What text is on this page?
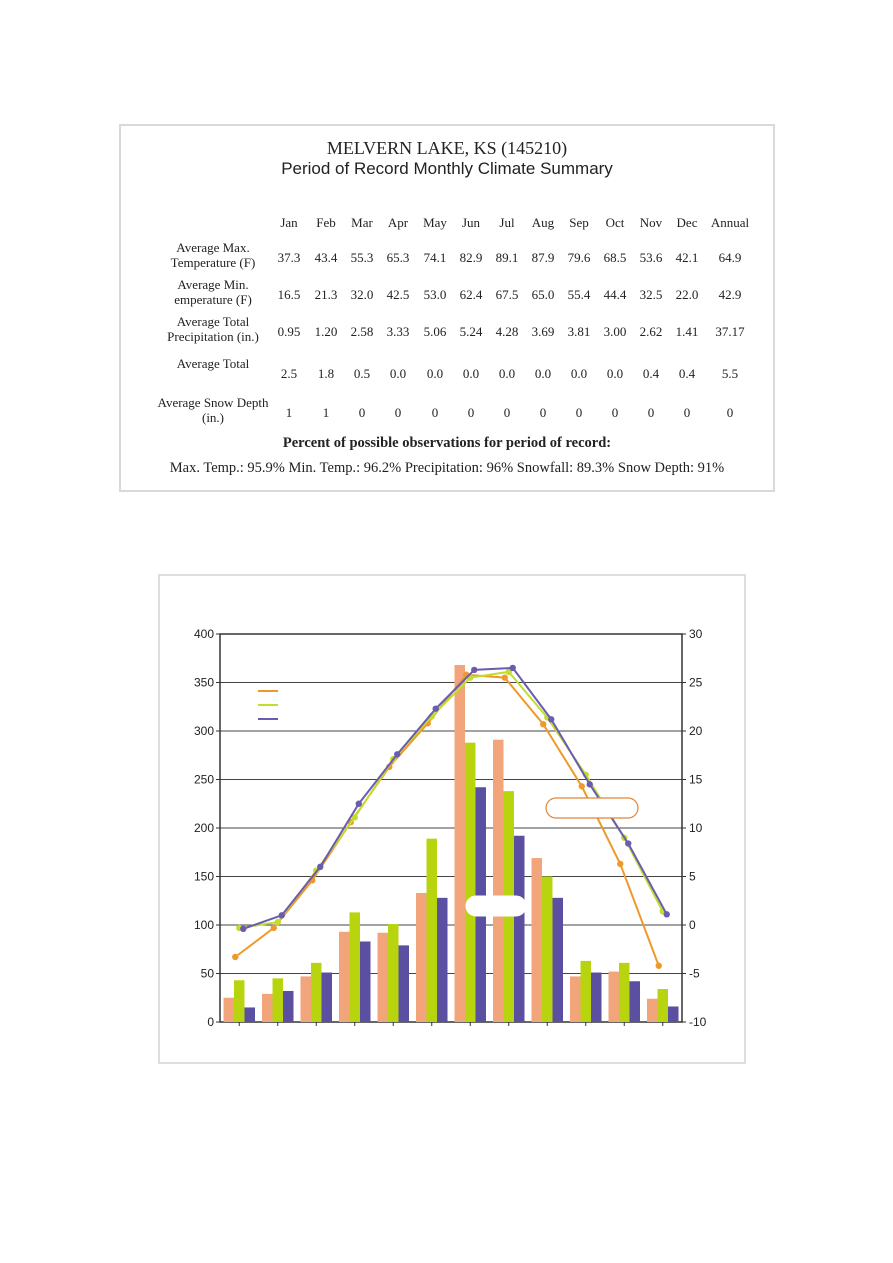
MELVERN LAKE, KS (145210)
Period of Record Monthly Climate Summary
Jan	Feb	Mar	Apr	May	Jun	Jul	Aug	Sep	Oct	Nov	Dec	Annual
Average Max.
Temperature (F)	37.3	43.4	55.3	65.3	74.1	82.9	89.1	87.9	79.6	68.5	53.6	42.1	64.9
Average Min.
emperature (F)	16.5	21.3	32.0	42.5	53.0	62.4	67.5	65.0	55.4	44.4	32.5	22.0	42.9
Average Total
Precipitation (in.)	0.95	1.20	2.58	3.33	5.06	5.24	4.28	3.69	3.81	3.00	2.62	1.41	37.17
Average Total
2.5	1.8	0.5	0.0	0.0	0.0	0.0	0.0	0.0	0.0	0.4	0.4	5.5
Average Snow Depth
(in.)	1	1	0	0	0	0	0	0	0	0	0	0	0
Percent of possible observations for period of record:
Max. Temp.: 95.9% Min. Temp.: 96.2% Precipitation: 96% Snowfall: 89.3% Snow Depth: 91%
0
50
100
150
200
250
300
350
400
-10
-5
0
5
10
15
20
25
30
